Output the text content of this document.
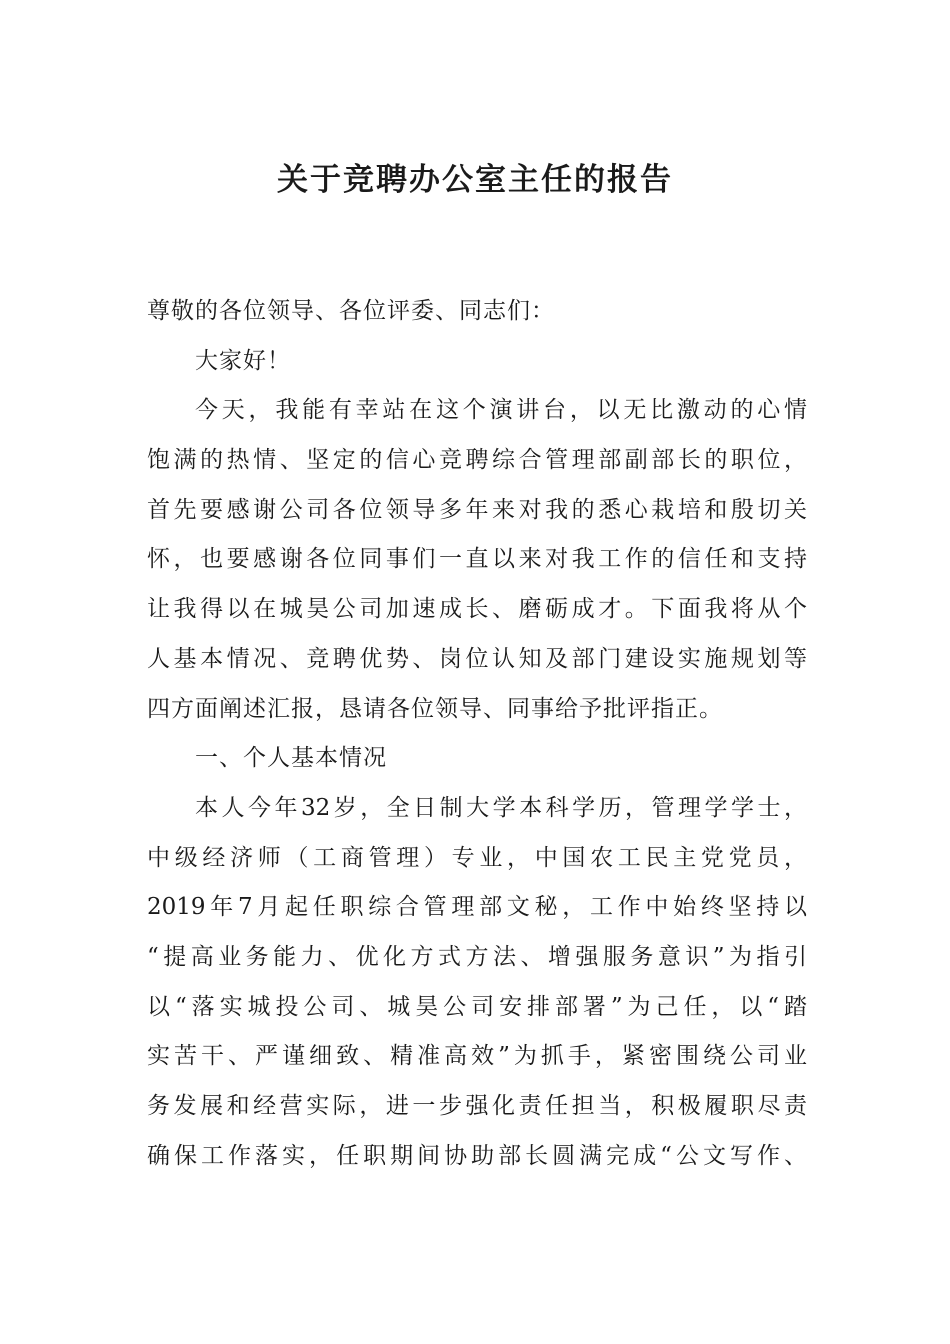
关于竞聘办公室主任的报告
尊敬的各位领导、各位评委、同志们：
大家好！
今天，我能有幸站在这个演讲台，以无比激动的心情
饱满的热情、坚定的信心竞聘综合管理部副部长的职位，
首先要感谢公司各位领导多年来对我的悉心栽培和殷切关
怀，也要感谢各位同事们一直以来对我工作的信任和支持
让我得以在城昊公司加速成长、磨砺成才。下面我将从个
人基本情况、竞聘优势、岗位认知及部门建设实施规划等
四方面阐述汇报，恳请各位领导、同事给予批评指正。
一、个人基本情况
本人今年32岁，全日制大学本科学历，管理学学士，
中级经济师（工商管理）专业，中国农工民主党党员，
2019年7月起任职综合管理部文秘，工作中始终坚持以
“提高业务能力、优化方式方法、增强服务意识”为指引
以“落实城投公司、城昊公司安排部署”为己任，以“踏
实苦干、严谨细致、精准高效”为抓手，紧密围绕公司业
务发展和经营实际，进一步强化责任担当，积极履职尽责
确保工作落实，任职期间协助部长圆满完成“公文写作、
